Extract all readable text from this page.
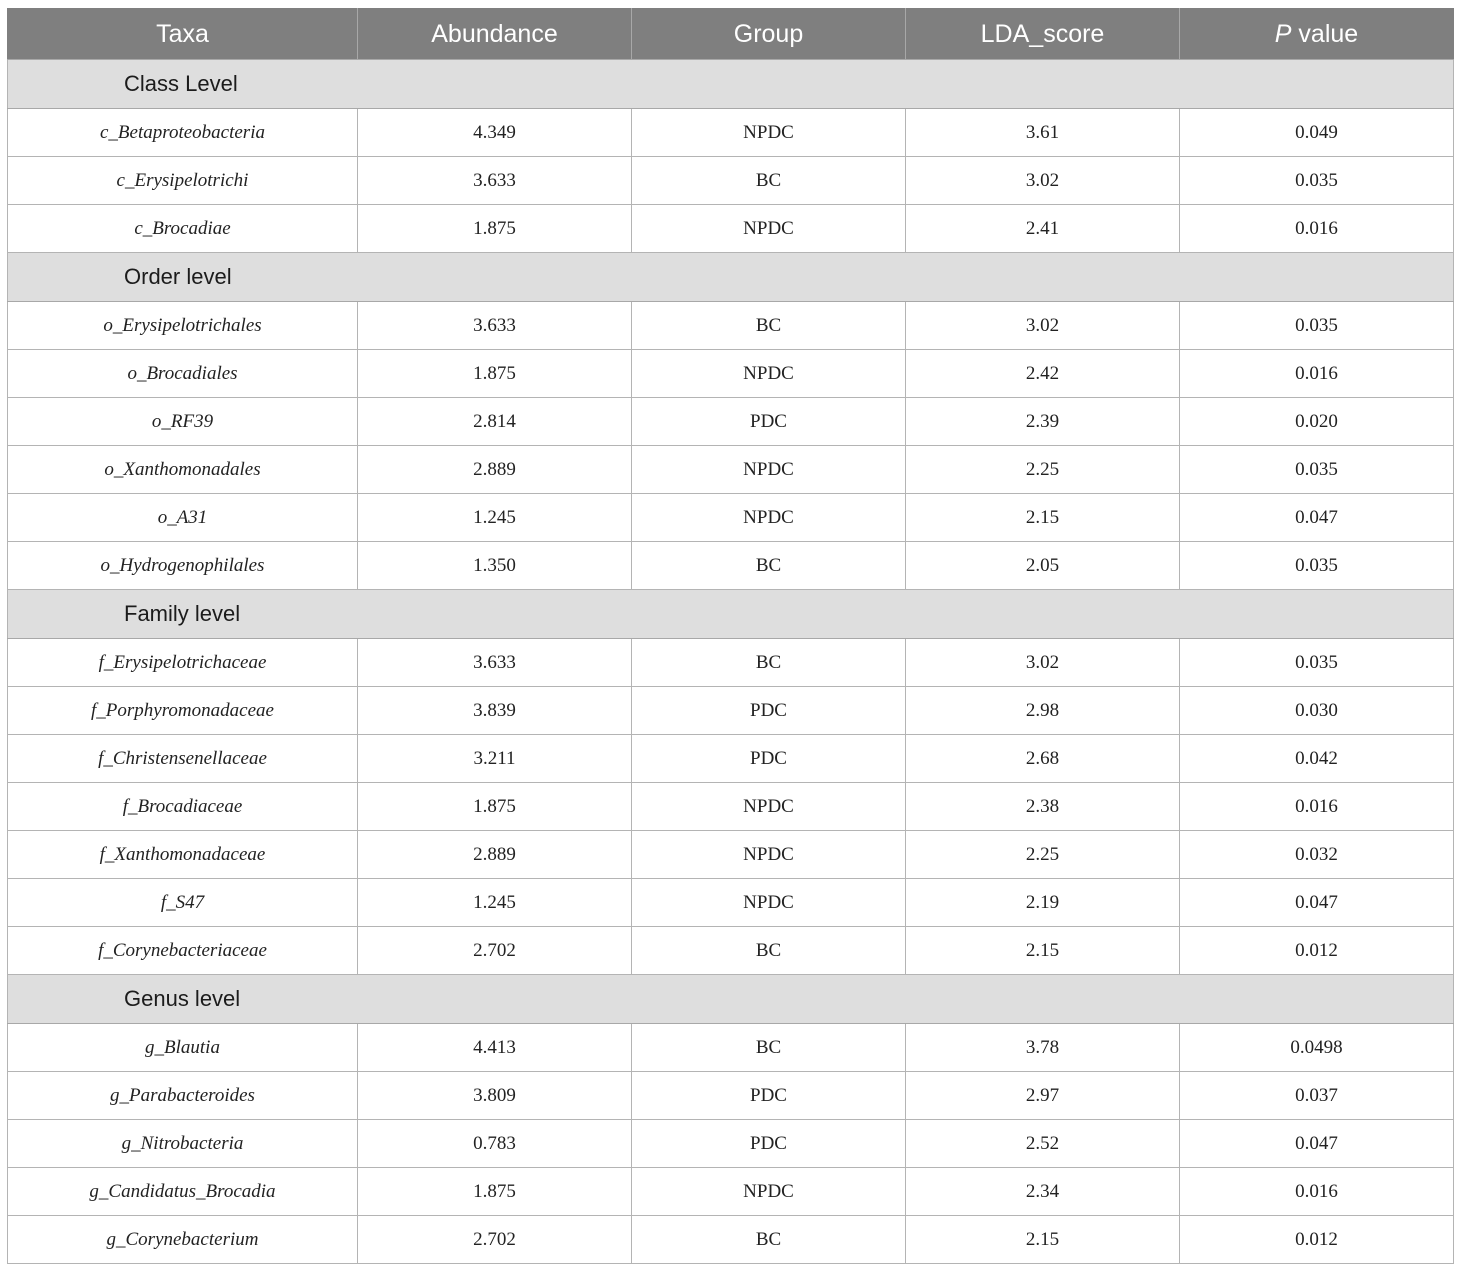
Taxa	Abundance	Group	LDA_score	P value
Class Level				
c_Betaproteobacteria	4.349	NPDC	3.61	0.049
c_Erysipelotrichi	3.633	BC	3.02	0.035
c_Brocadiae	1.875	NPDC	2.41	0.016
Order level				
o_Erysipelotrichales	3.633	BC	3.02	0.035
o_Brocadiales	1.875	NPDC	2.42	0.016
o_RF39	2.814	PDC	2.39	0.020
o_Xanthomonadales	2.889	NPDC	2.25	0.035
o_A31	1.245	NPDC	2.15	0.047
o_Hydrogenophilales	1.350	BC	2.05	0.035
Family level				
f_Erysipelotrichaceae	3.633	BC	3.02	0.035
f_Porphyromonadaceae	3.839	PDC	2.98	0.030
f_Christensenellaceae	3.211	PDC	2.68	0.042
f_Brocadiaceae	1.875	NPDC	2.38	0.016
f_Xanthomonadaceae	2.889	NPDC	2.25	0.032
f_S47	1.245	NPDC	2.19	0.047
f_Corynebacteriaceae	2.702	BC	2.15	0.012
Genus level				
g_Blautia	4.413	BC	3.78	0.0498
g_Parabacteroides	3.809	PDC	2.97	0.037
g_Nitrobacteria	0.783	PDC	2.52	0.047
g_Candidatus_Brocadia	1.875	NPDC	2.34	0.016
g_Corynebacterium	2.702	BC	2.15	0.012
